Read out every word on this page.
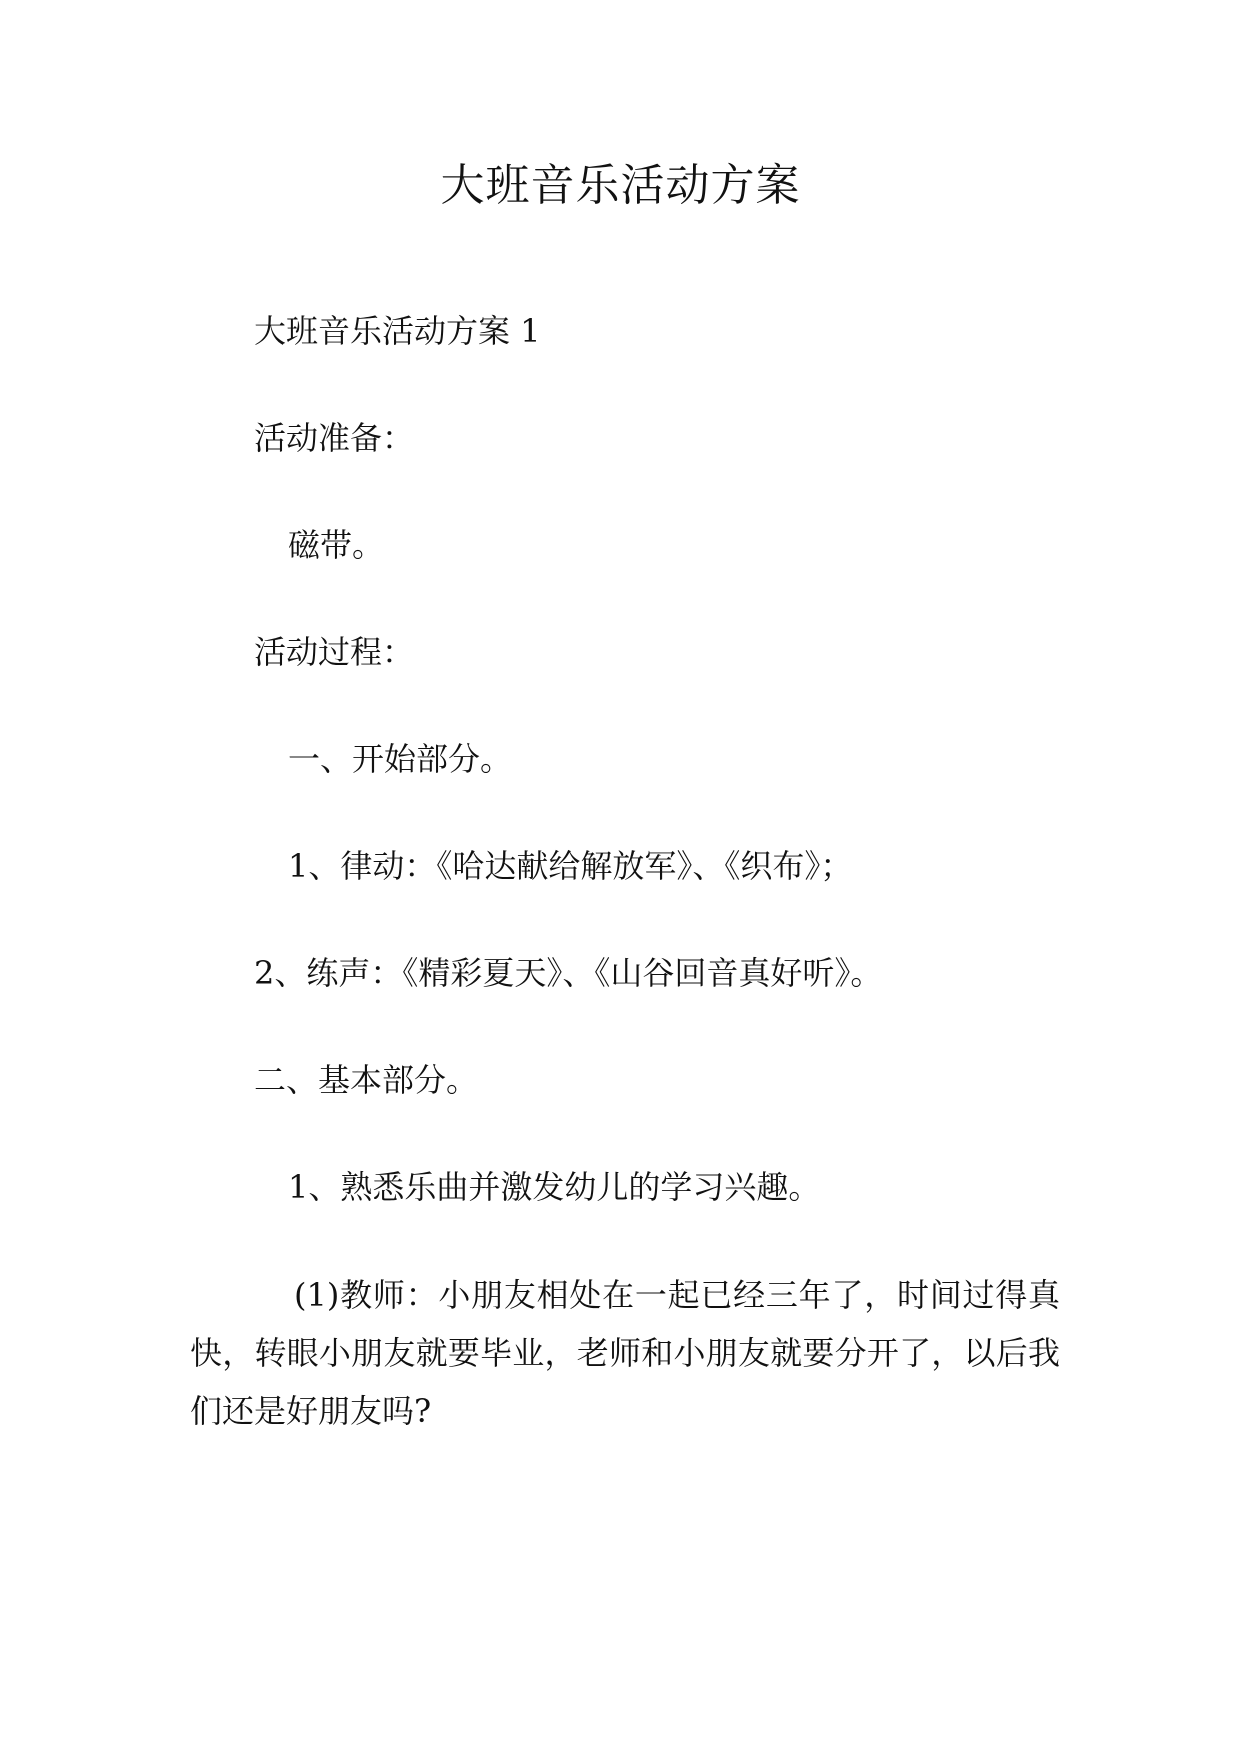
大班音乐活动方案
大班音乐活动方案 1
活动准备：
磁带。
活动过程：
一、开始部分。
1、律动：《哈达献给解放军》、《织布》；
2、练声：《精彩夏天》、《山谷回音真好听》。
二、基本部分。
1、熟悉乐曲并激发幼儿的学习兴趣。
(1)教师：小朋友相处在一起已经三年了，时间过得真快，转眼小朋友就要毕业，老师和小朋友就要分开了，以后我们还是好朋友吗?
